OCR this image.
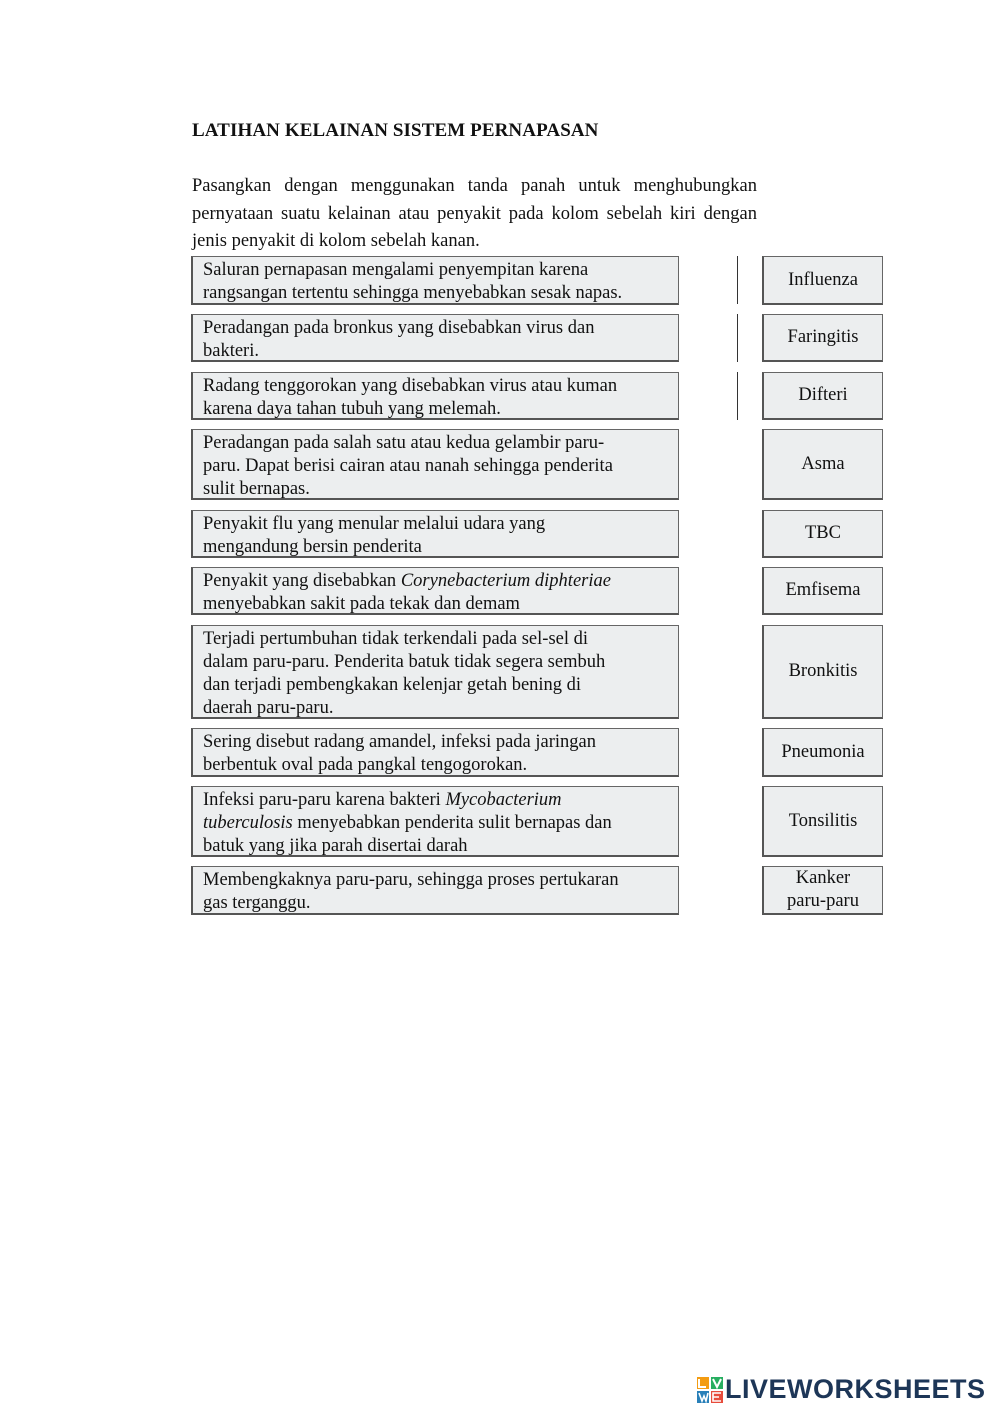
LATIHAN KELAINAN SISTEM PERNAPASAN
Pasangkan dengan menggunakan tanda panah untuk menghubungkan pernyataan suatu kelainan atau penyakit pada kolom sebelah kiri dengan jenis penyakit di kolom sebelah kanan.
Saluran pernapasan mengalami penyempitan karena
rangsangan tertentu sehingga menyebabkan sesak napas.
Peradangan pada bronkus yang disebabkan virus dan
bakteri.
Radang tenggorokan yang disebabkan virus atau kuman
karena daya tahan tubuh yang melemah.
Peradangan pada salah satu atau kedua gelambir paru-
paru. Dapat berisi cairan atau nanah sehingga penderita
sulit bernapas.
Penyakit flu yang menular melalui udara yang
mengandung bersin penderita
Penyakit yang disebabkan Corynebacterium diphteriae
menyebabkan sakit pada tekak dan demam
Terjadi pertumbuhan tidak terkendali pada sel-sel di
dalam paru-paru. Penderita batuk tidak segera sembuh
dan terjadi pembengkakan kelenjar getah bening di
daerah paru-paru.
Sering disebut radang amandel, infeksi pada jaringan
berbentuk oval pada pangkal tengogorokan.
Infeksi paru-paru karena bakteri Mycobacterium
tuberculosis menyebabkan penderita sulit bernapas dan
batuk yang jika parah disertai darah
Membengkaknya paru-paru, sehingga proses pertukaran
gas terganggu.
Influenza
Faringitis
Difteri
Asma
TBC
Emfisema
Bronkitis
Pneumonia
Tonsilitis
Kanker
paru-paru
LIVEWORKSHEETS
